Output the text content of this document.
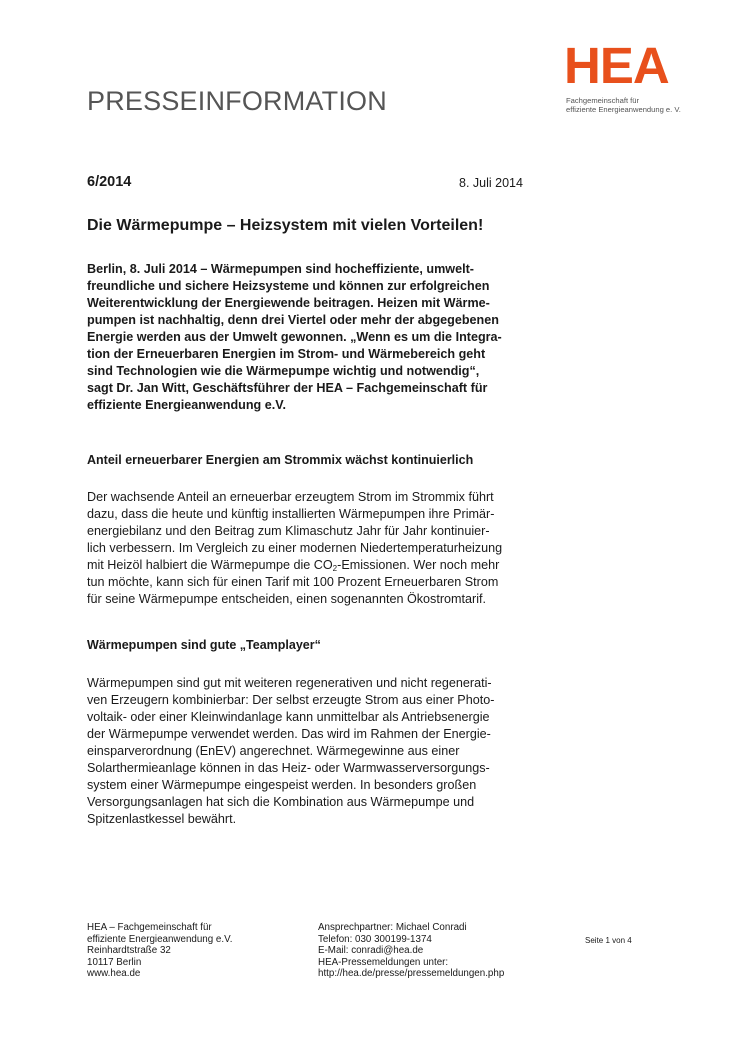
PRESSEINFORMATION
HEA
Fachgemeinschaft für
effiziente Energieanwendung e. V.
6/2014	8. Juli 2014
Die Wärmepumpe – Heizsystem mit vielen Vorteilen!
Berlin, 8. Juli 2014 – Wärmepumpen sind hocheffiziente, umwelt-
freundliche und sichere Heizsysteme und können zur erfolgreichen
Weiterentwicklung der Energiewende beitragen. Heizen mit Wärme-
pumpen ist nachhaltig, denn drei Viertel oder mehr der abgegebenen
Energie werden aus der Umwelt gewonnen. „Wenn es um die Integra-
tion der Erneuerbaren Energien im Strom- und Wärmebereich geht
sind Technologien wie die Wärmepumpe wichtig und notwendig“,
sagt Dr. Jan Witt, Geschäftsführer der HEA – Fachgemeinschaft für
effiziente Energieanwendung e.V.
Anteil erneuerbarer Energien am Strommix wächst kontinuierlich
Der wachsende Anteil an erneuerbar erzeugtem Strom im Strommix führt
dazu, dass die heute und künftig installierten Wärmepumpen ihre Primär-
energiebilanz und den Beitrag zum Klimaschutz Jahr für Jahr kontinuier-
lich verbessern. Im Vergleich zu einer modernen Niedertemperaturheizung
mit Heizöl halbiert die Wärmepumpe die $CO_2$-Emissionen. Wer noch mehr
tun möchte, kann sich für einen Tarif mit 100 Prozent Erneuerbaren Strom
für seine Wärmepumpe entscheiden, einen sogenannten Ökostromtarif.
Wärmepumpen sind gute „Teamplayer“
Wärmepumpen sind gut mit weiteren regenerativen und nicht regenerati-
ven Erzeugern kombinierbar: Der selbst erzeugte Strom aus einer Photo-
voltaik- oder einer Kleinwindanlage kann unmittelbar als Antriebsenergie
der Wärmepumpe verwendet werden. Das wird im Rahmen der Energie-
einsparverordnung (EnEV) angerechnet. Wärmegewinne aus einer
Solarthermieanlage können in das Heiz- oder Warmwasserversorgungs-
system einer Wärmepumpe eingespeist werden. In besonders großen
Versorgungsanlagen hat sich die Kombination aus Wärmepumpe und
Spitzenlastkessel bewährt.
HEA – Fachgemeinschaft für
effiziente Energieanwendung e.V.
Reinhardtstraße 32
10117 Berlin
www.hea.de
Ansprechpartner: Michael Conradi
Telefon: 030 300199-1374
E-Mail: conradi@hea.de
HEA-Pressemeldungen unter:
http://hea.de/presse/pressemeldungen.php
Seite 1 von 4
